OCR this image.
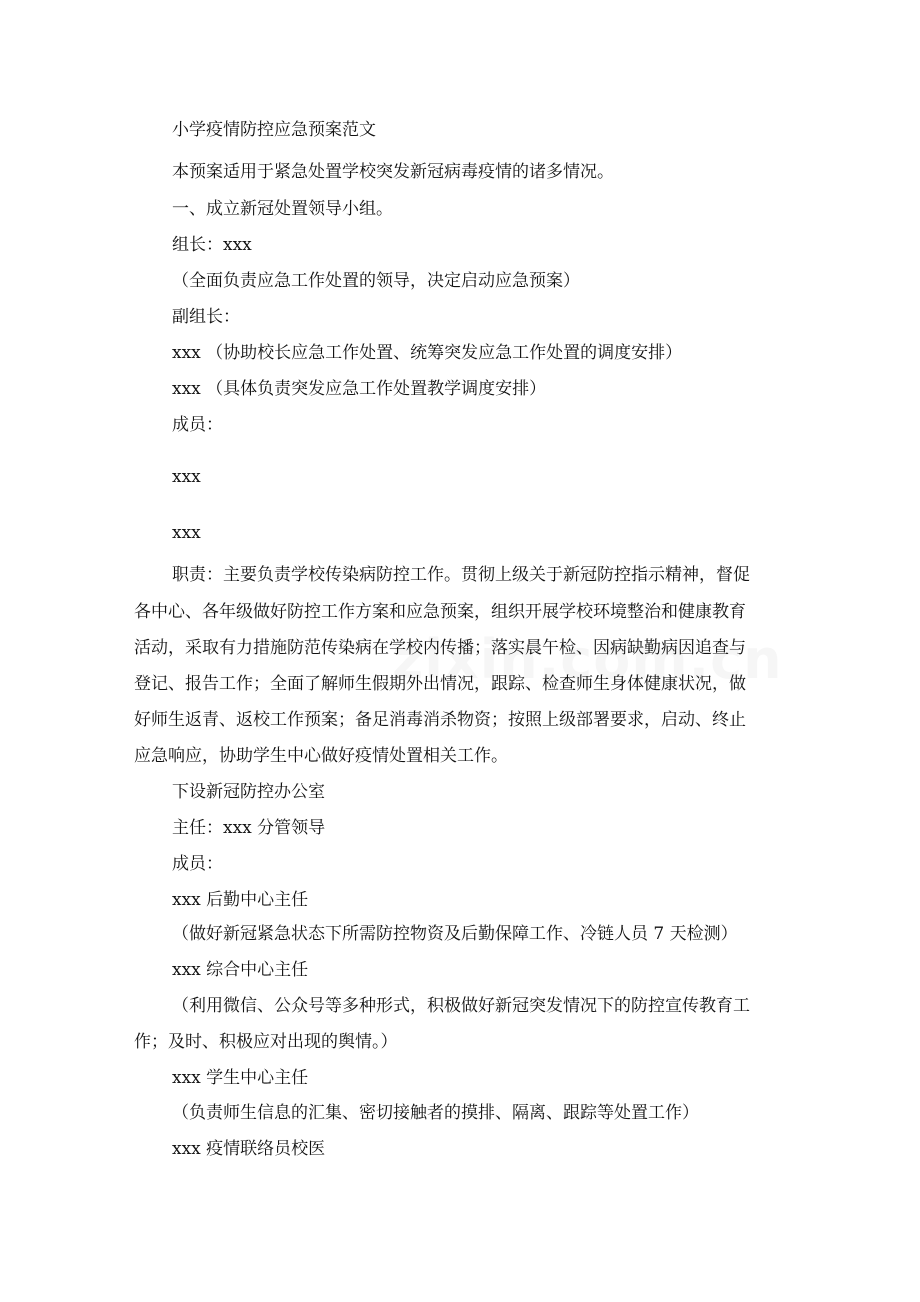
小学疫情防控应急预案范文
本预案适用于紧急处置学校突发新冠病毒疫情的诸多情况。
一、成立新冠处置领导小组。
组长：xxx
（全面负责应急工作处置的领导，决定启动应急预案）
副组长：
xxx （协助校长应急工作处置、统筹突发应急工作处置的调度安排）
xxx （具体负责突发应急工作处置教学调度安排）
成员：
xxx
xxx
职责：主要负责学校传染病防控工作。贯彻上级关于新冠防控指示精神，督促
各中心、各年级做好防控工作方案和应急预案，组织开展学校环境整治和健康教育
活动，采取有力措施防范传染病在学校内传播；落实晨午检、因病缺勤病因追查与
登记、报告工作；全面了解师生假期外出情况，跟踪、检查师生身体健康状况，做
好师生返青、返校工作预案；备足消毒消杀物资；按照上级部署要求，启动、终止
应急响应，协助学生中心做好疫情处置相关工作。
下设新冠防控办公室
主任：xxx 分管领导
成员：
xxx 后勤中心主任
（做好新冠紧急状态下所需防控物资及后勤保障工作、冷链人员 7 天检测）
xxx 综合中心主任
（利用微信、公众号等多种形式，积极做好新冠突发情况下的防控宣传教育工
作；及时、积极应对出现的舆情。）
xxx 学生中心主任
（负责师生信息的汇集、密切接触者的摸排、隔离、跟踪等处置工作）
xxx 疫情联络员校医
